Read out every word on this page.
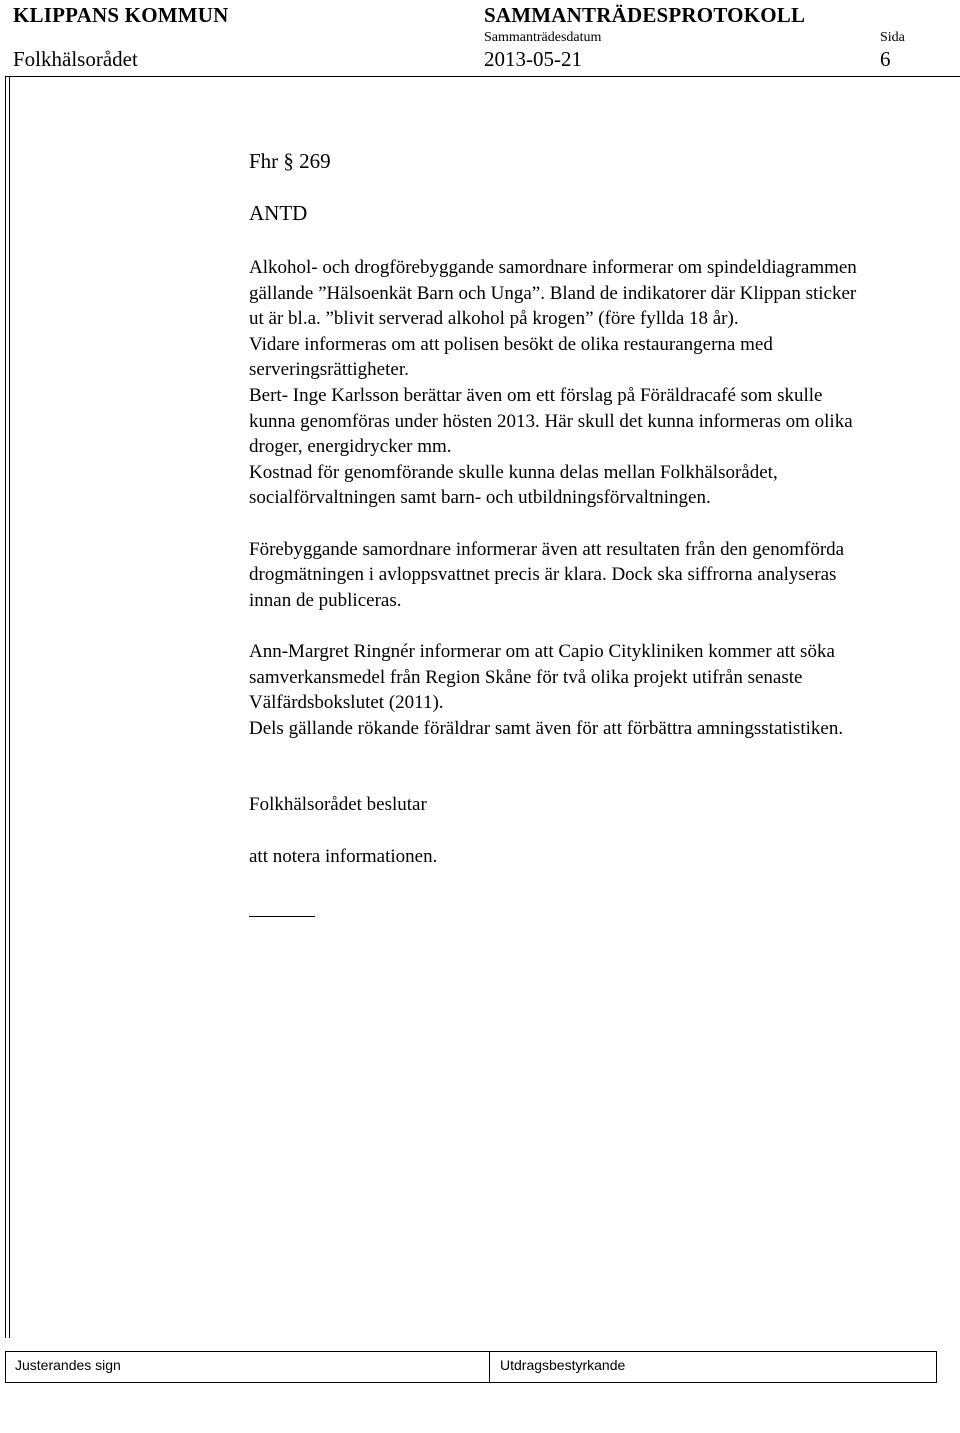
KLIPPANS KOMMUN	SAMMANTRÄDESPROTOKOLL
Sammanträdesdatum	Sida
Folkhälsorådet	2013-05-21	6
Fhr § 269
ANTD

Alkohol- och drogförebyggande samordnare informerar om spindeldiagrammen

gällande ”Hälsoenkät Barn och Unga”. Bland de indikatorer där Klippan sticker

ut är bl.a. ”blivit serverad alkohol på krogen” (före fyllda 18 år).

Vidare informeras om att polisen besökt de olika restaurangerna med

serveringsrättigheter.

Bert- Inge Karlsson berättar även om ett förslag på Föräldracafé som skulle

kunna genomföras under hösten 2013. Här skull det kunna informeras om olika

droger, energidrycker mm.

Kostnad för genomförande skulle kunna delas mellan Folkhälsorådet,

socialförvaltningen samt barn- och utbildningsförvaltningen.

Förebyggande samordnare informerar även att resultaten från den genomförda

drogmätningen i avloppsvattnet precis är klara. Dock ska siffrorna analyseras

innan de publiceras.

Ann-Margret Ringnér informerar om att Capio Citykliniken kommer att söka

samverkansmedel från Region Skåne för två olika projekt utifrån senaste

Välfärdsbokslutet (2011).

Dels gällande rökande föräldrar samt även för att förbättra amningsstatistiken.

Folkhälsorådet beslutar

att notera informationen.

Justerandes sign	Utdragsbestyrkande
